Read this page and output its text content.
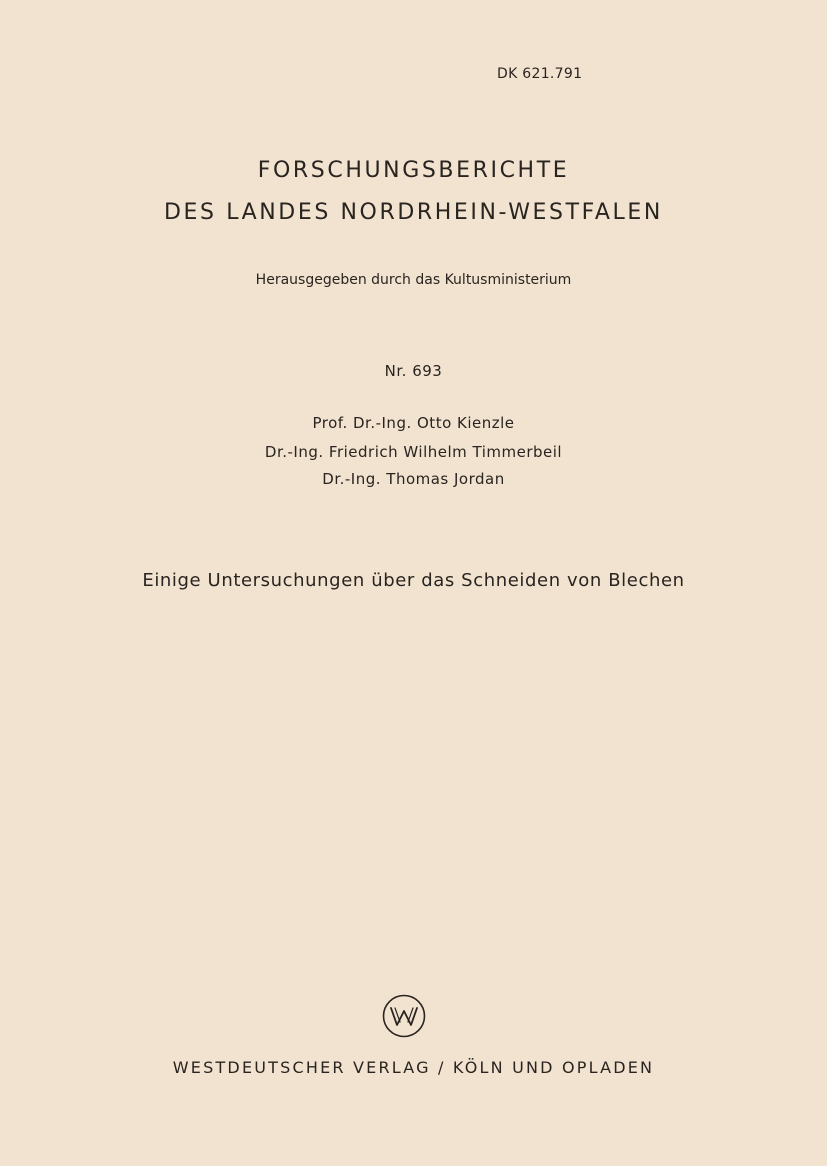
DK 621.791
FORSCHUNGSBERICHTE
DES LANDES NORDRHEIN-WESTFALEN
Herausgegeben durch das Kultusministerium
Nr. 693
Prof. Dr.-Ing. Otto Kienzle
Dr.-Ing. Friedrich Wilhelm Timmerbeil
Dr.-Ing. Thomas Jordan
Einige Untersuchungen über das Schneiden von Blechen
WESTDEUTSCHER VERLAG / KÖLN UND OPLADEN
